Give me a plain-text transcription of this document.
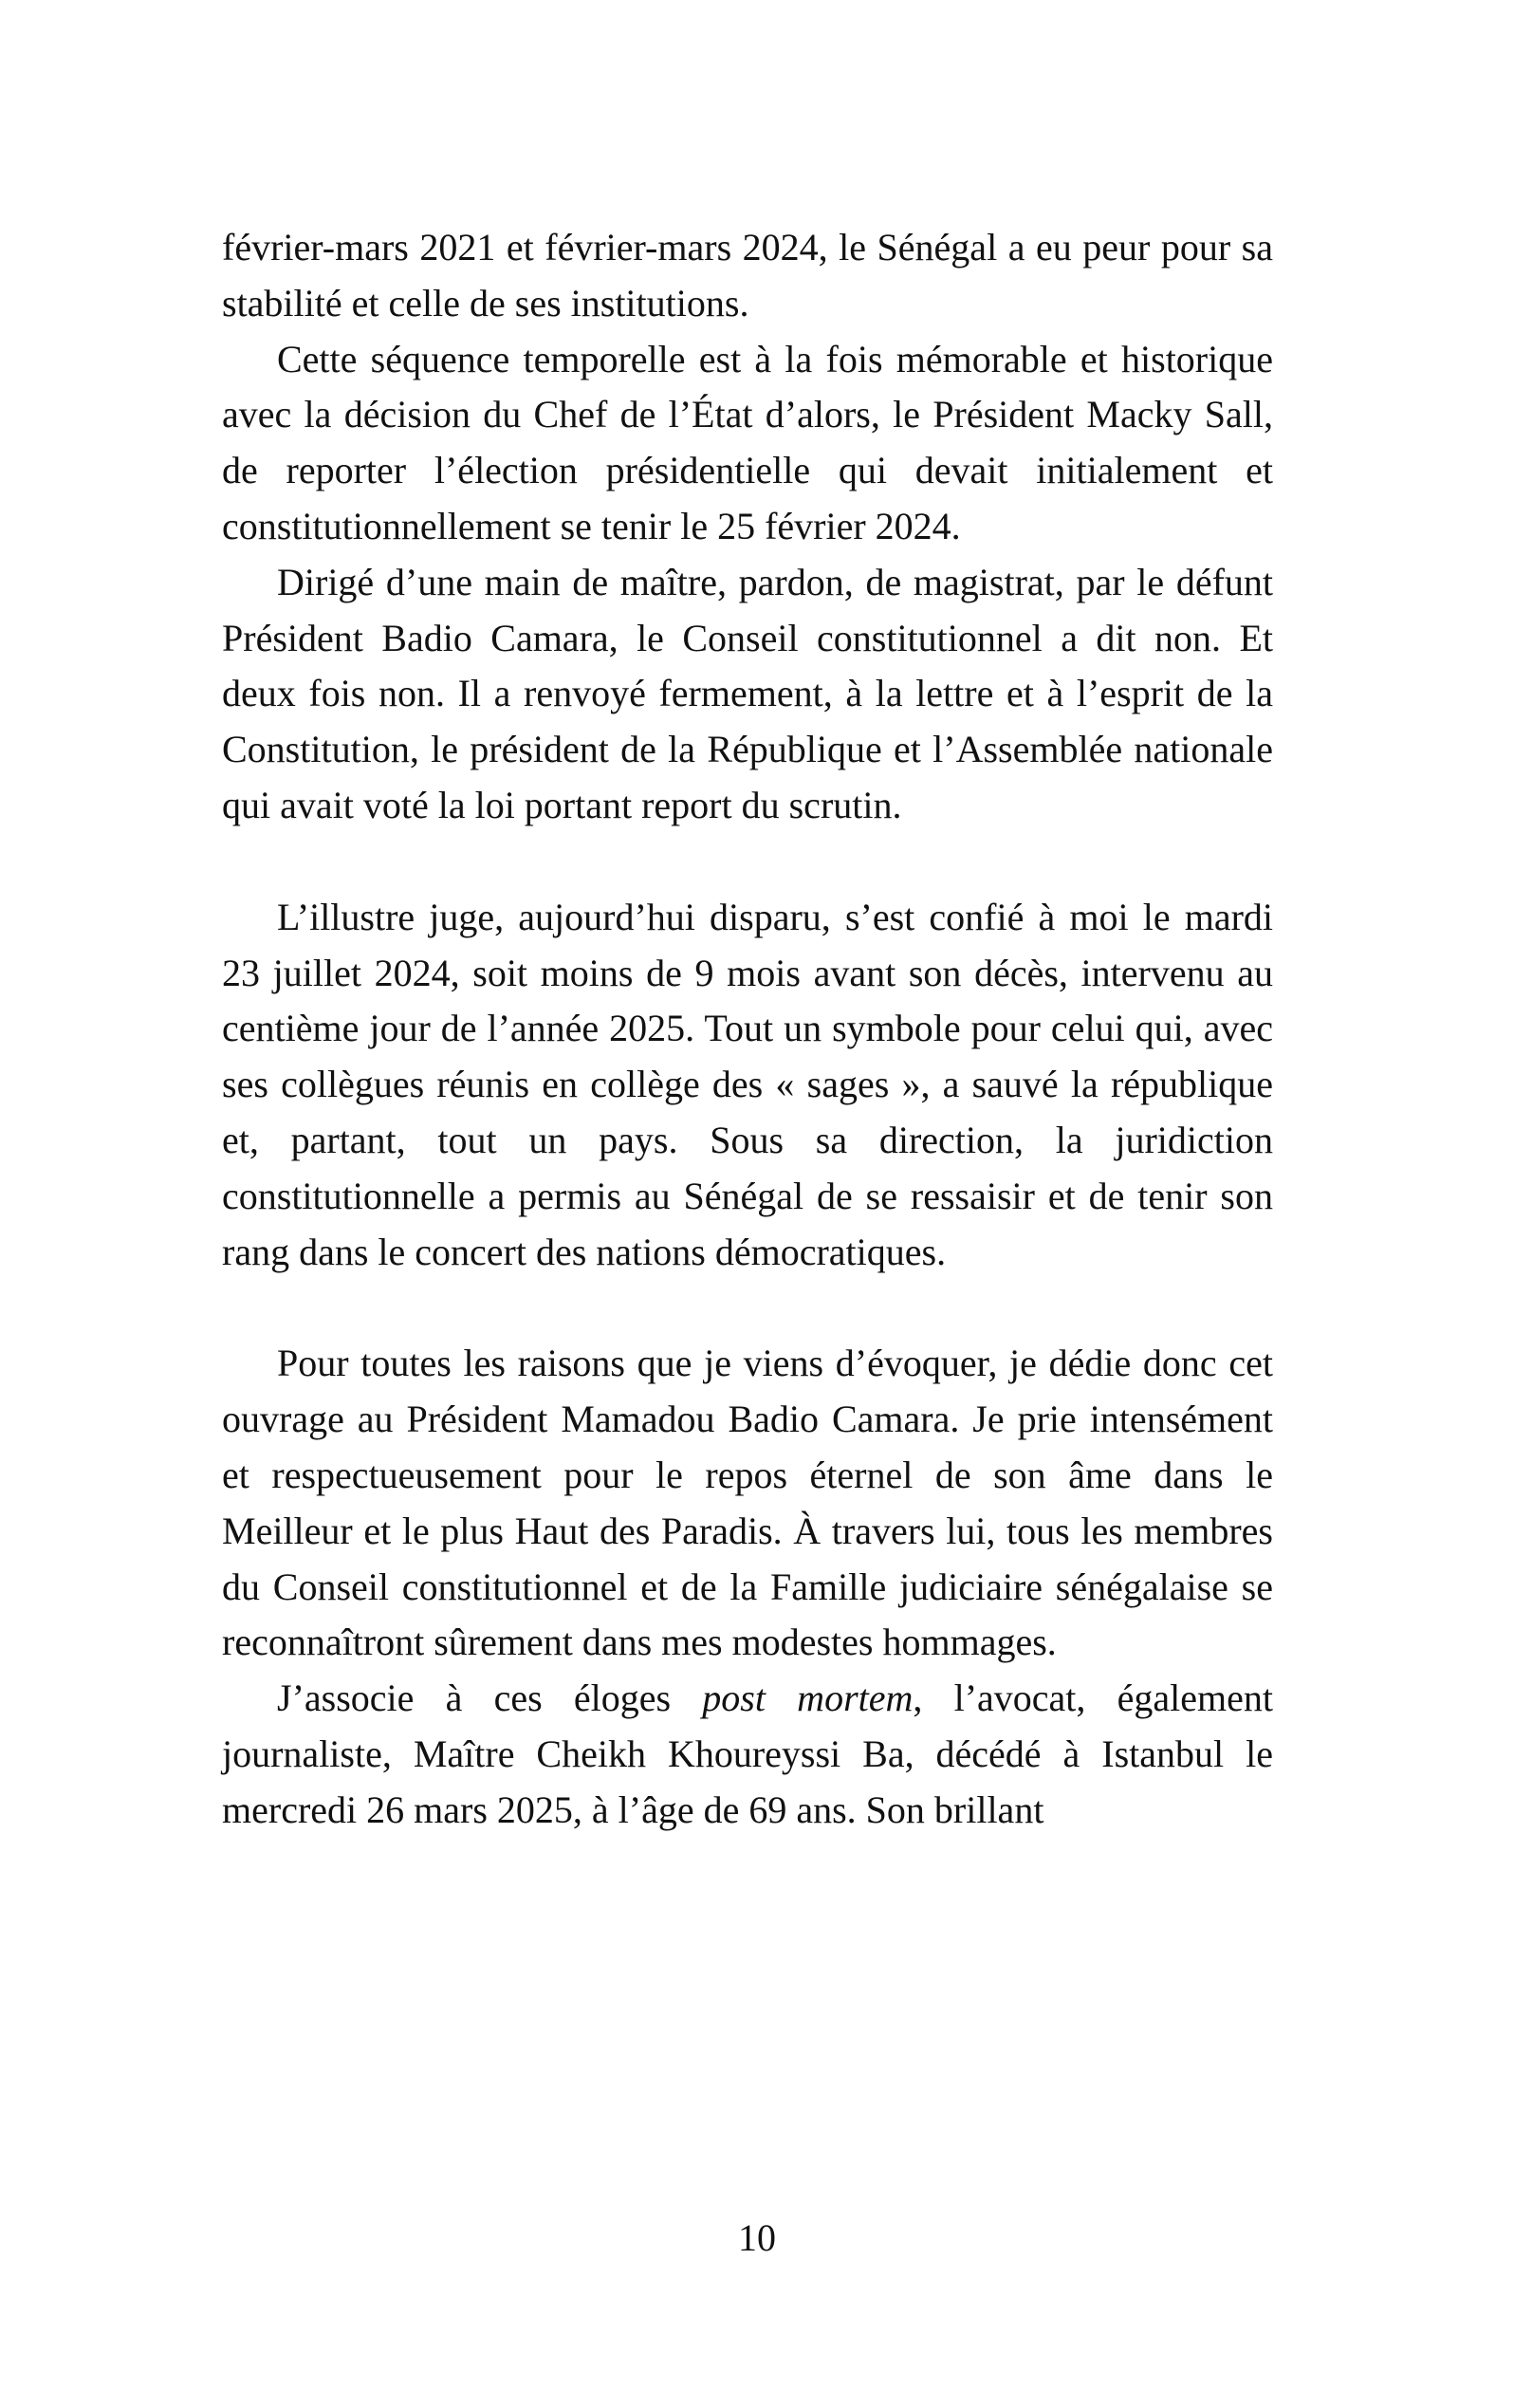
février-mars 2021 et février-mars 2024, le Sénégal a eu peur pour sa stabilité et celle de ses institutions.

Cette séquence temporelle est à la fois mémorable et historique avec la décision du Chef de l’État d’alors, le Président Macky Sall, de reporter l’élection présidentielle qui devait initialement et constitutionnellement se tenir le 25 février 2024.

Dirigé d’une main de maître, pardon, de magistrat, par le défunt Président Badio Camara, le Conseil constitutionnel a dit non. Et deux fois non. Il a renvoyé fermement, à la lettre et à l’esprit de la Constitution, le président de la République et l’Assemblée nationale qui avait voté la loi portant report du scrutin.

L’illustre juge, aujourd’hui disparu, s’est confié à moi le mardi 23 juillet 2024, soit moins de 9 mois avant son décès, intervenu au centième jour de l’année 2025. Tout un symbole pour celui qui, avec ses collègues réunis en collège des « sages », a sauvé la république et, partant, tout un pays. Sous sa direction, la juridiction constitutionnelle a permis au Sénégal de se ressaisir et de tenir son rang dans le concert des nations démocratiques.

Pour toutes les raisons que je viens d’évoquer, je dédie donc cet ouvrage au Président Mamadou Badio Camara. Je prie intensément et respectueusement pour le repos éternel de son âme dans le Meilleur et le plus Haut des Paradis. À travers lui, tous les membres du Conseil constitutionnel et de la Famille judiciaire sénégalaise se reconnaîtront sûrement dans mes modestes hommages.

J’associe à ces éloges post mortem, l’avocat, également journaliste, Maître Cheikh Khoureyssi Ba, décédé à Istanbul le mercredi 26 mars 2025, à l’âge de 69 ans. Son brillant

10
